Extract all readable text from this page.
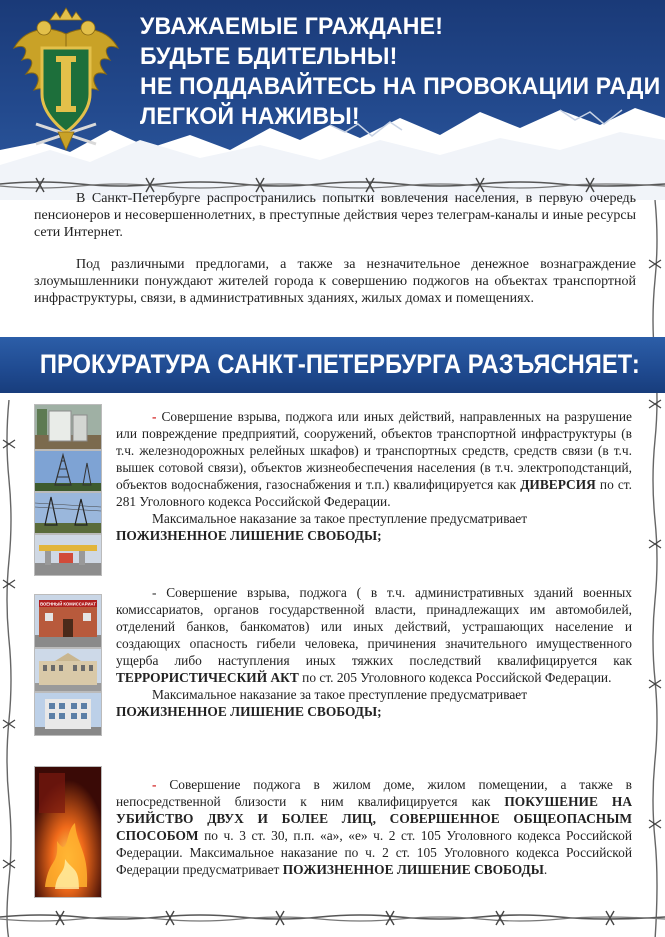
УВАЖАЕМЫЕ ГРАЖДАНЕ!
БУДЬТЕ БДИТЕЛЬНЫ!
НЕ ПОДДАВАЙТЕСЬ НА ПРОВОКАЦИИ РАДИ
ЛЕГКОЙ НАЖИВЫ!

В Санкт-Петербурге распространились попытки вовлечения населения, в первую очередь пенсионеров и несовершеннолетних, в преступные действия через телеграм-каналы и иные ресурсы сети Интернет.

Под различными предлогами, а также за незначительное денежное вознаграждение злоумышленники понуждают жителей города к совершению поджогов на объектах транспортной инфраструктуры, связи, в административных зданиях, жилых домах и помещениях.

ПРОКУРАТУРА САНКТ-ПЕТЕРБУРГА РАЗЪЯСНЯЕТ:
ВОЕННЫЙ КОМИССАРИАТ

- Совершение взрыва, поджога или иных действий, направленных на разрушение или повреждение предприятий, сооружений, объектов транспортной инфраструктуры (в т.ч. железнодорожных релейных шкафов) и транспортных средств, средств связи (в т.ч. вышек сотовой связи), объектов жизнеобеспечения населения (в т.ч. электроподстанций, объектов водоснабжения, газоснабжения и т.п.) квалифицируется как ДИВЕРСИЯ по ст. 281 Уголовного кодекса Российской Федерации.

Максимальное наказание за такое преступление предусматривает

ПОЖИЗНЕННОЕ ЛИШЕНИЕ СВОБОДЫ;

- Совершение взрыва, поджога ( в т.ч. административных зданий военных комиссариатов, органов государственной власти, принадлежащих им автомобилей, отделений банков, банкоматов) или иных действий, устрашающих население и создающих опасность гибели человека, причинения значительного имущественного ущерба либо наступления иных тяжких последствий квалифицируется как ТЕРРОРИСТИЧЕСКИЙ АКТ по ст. 205 Уголовного кодекса Российской Федерации.

Максимальное наказание за такое преступление предусматривает

ПОЖИЗНЕННОЕ ЛИШЕНИЕ СВОБОДЫ;

- Совершение поджога в жилом доме, жилом помещении, а также в непосредственной близости к ним квалифицируется как ПОКУШЕНИЕ НА УБИЙСТВО ДВУХ И БОЛЕЕ ЛИЦ, СОВЕРШЕННОЕ ОБЩЕОПАСНЫМ СПОСОБОМ по ч. 3 ст. 30, п.п. «а», «е» ч. 2 ст. 105 Уголовного кодекса Российской Федерации. Максимальное наказание по ч. 2 ст. 105 Уголовного кодекса Российской Федерации предусматривает ПОЖИЗНЕННОЕ ЛИШЕНИЕ СВОБОДЫ.
